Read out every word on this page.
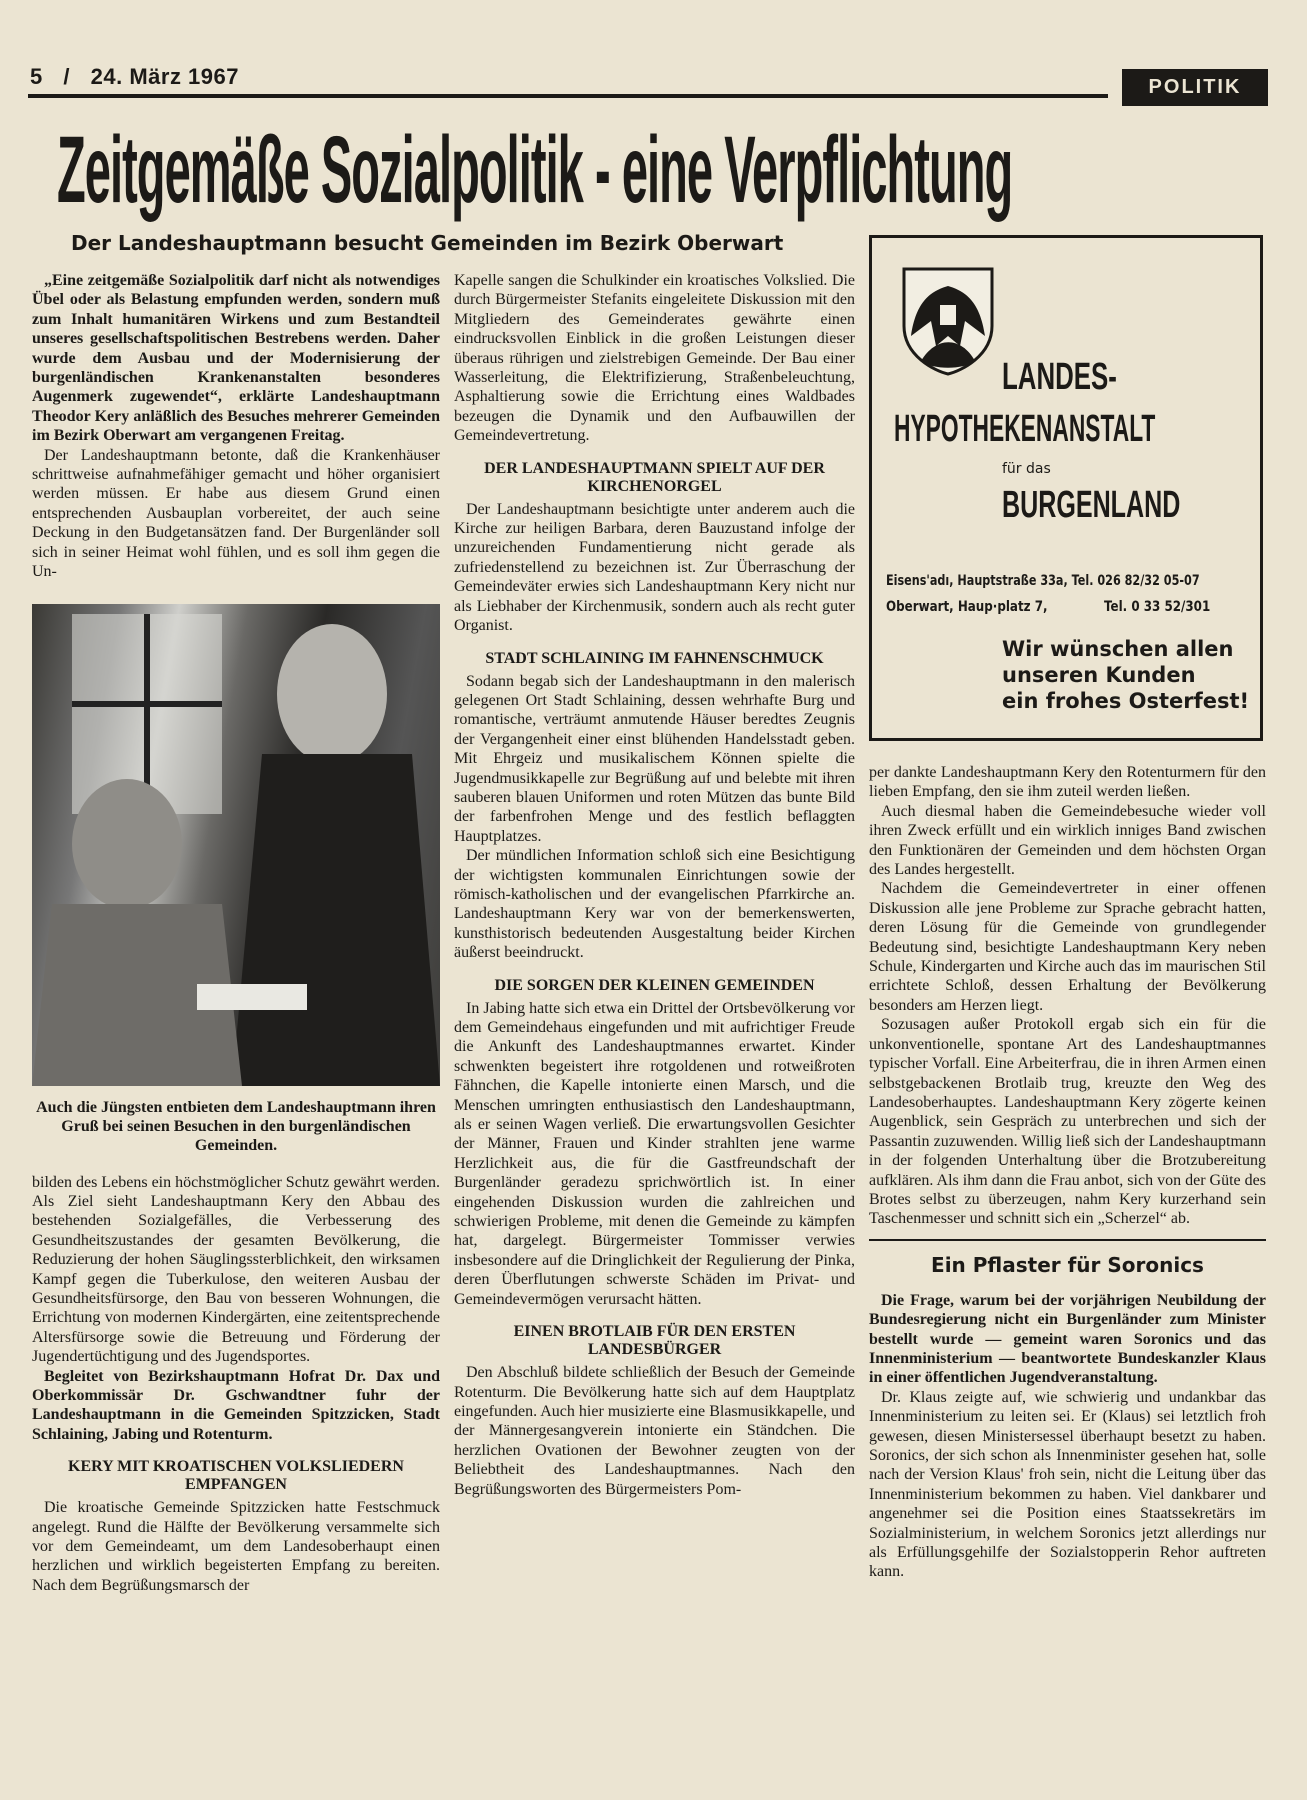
5 / 24. März 1967	POLITIK
Zeitgemäße Sozialpolitik - eine Verpflichtung
Der Landeshauptmann besucht Gemeinden im Bezirk Oberwart

„Eine zeitgemäße Sozialpolitik darf nicht als notwendiges Übel oder als Belastung empfunden werden, sondern muß zum Inhalt humanitären Wirkens und zum Bestandteil unseres gesellschaftspolitischen Bestrebens werden. Daher wurde dem Ausbau und der Modernisierung der burgenländischen Krankenanstalten besonderes Augenmerk zugewendet“, erklärte Landeshauptmann Theodor Kery anläßlich des Besuches mehrerer Gemeinden im Bezirk Oberwart am vergangenen Freitag.

Der Landeshauptmann betonte, daß die Krankenhäuser schrittweise aufnahmefähiger gemacht und höher organisiert werden müssen. Er habe aus diesem Grund einen entsprechenden Ausbauplan vorbereitet, der auch seine Deckung in den Budgetansätzen fand. Der Burgenländer soll sich in seiner Heimat wohl fühlen, und es soll ihm gegen die Un-

Auch die Jüngsten entbieten dem Landeshauptmann ihren Gruß bei seinen Besuchen in den burgenländischen Gemeinden.

bilden des Lebens ein höchstmöglicher Schutz gewährt werden. Als Ziel sieht Landeshauptmann Kery den Abbau des bestehenden Sozialgefälles, die Verbesserung des Gesundheitszustandes der gesamten Bevölkerung, die Reduzierung der hohen Säuglingssterblichkeit, den wirksamen Kampf gegen die Tuberkulose, den weiteren Ausbau der Gesundheitsfürsorge, den Bau von besseren Wohnungen, die Errichtung von modernen Kindergärten, eine zeitentsprechende Altersfürsorge sowie die Betreuung und Förderung der Jugendertüchtigung und des Jugendsportes.

Begleitet von Bezirkshauptmann Hofrat Dr. Dax und Oberkommissär Dr. Gschwandtner fuhr der Landeshauptmann in die Gemeinden Spitzzicken, Stadt Schlaining, Jabing und Rotenturm.

KERY MIT KROATISCHEN VOLKSLIEDERN EMPFANGEN

Die kroatische Gemeinde Spitzzicken hatte Festschmuck angelegt. Rund die Hälfte der Bevölkerung versammelte sich vor dem Gemeindeamt, um dem Landesoberhaupt einen herzlichen und wirklich begeisterten Empfang zu bereiten. Nach dem Begrüßungsmarsch der

Kapelle sangen die Schulkinder ein kroatisches Volkslied. Die durch Bürgermeister Stefanits eingeleitete Diskussion mit den Mitgliedern des Gemeinderates gewährte einen eindrucksvollen Einblick in die großen Leistungen dieser überaus rührigen und zielstrebigen Gemeinde. Der Bau einer Wasserleitung, die Elektrifizierung, Straßenbeleuchtung, Asphaltierung sowie die Errichtung eines Waldbades bezeugen die Dynamik und den Aufbauwillen der Gemeindevertretung.

DER LANDESHAUPTMANN SPIELT AUF DER KIRCHENORGEL

Der Landeshauptmann besichtigte unter anderem auch die Kirche zur heiligen Barbara, deren Bauzustand infolge der unzureichenden Fundamentierung nicht gerade als zufriedenstellend zu bezeichnen ist. Zur Überraschung der Gemeindeväter erwies sich Landeshauptmann Kery nicht nur als Liebhaber der Kirchenmusik, sondern auch als recht guter Organist.

STADT SCHLAINING IM FAHNENSCHMUCK

Sodann begab sich der Landeshauptmann in den malerisch gelegenen Ort Stadt Schlaining, dessen wehrhafte Burg und romantische, verträumt anmutende Häuser beredtes Zeugnis der Vergangenheit einer einst blühenden Handelsstadt geben. Mit Ehrgeiz und musikalischem Können spielte die Jugendmusikkapelle zur Begrüßung auf und belebte mit ihren sauberen blauen Uniformen und roten Mützen das bunte Bild der farbenfrohen Menge und des festlich beflaggten Hauptplatzes.

Der mündlichen Information schloß sich eine Besichtigung der wichtigsten kommunalen Einrichtungen sowie der römisch-katholischen und der evangelischen Pfarrkirche an. Landeshauptmann Kery war von der bemerkenswerten, kunsthistorisch bedeutenden Ausgestaltung beider Kirchen äußerst beeindruckt.

DIE SORGEN DER KLEINEN GEMEINDEN

In Jabing hatte sich etwa ein Drittel der Ortsbevölkerung vor dem Gemeindehaus eingefunden und mit aufrichtiger Freude die Ankunft des Landeshauptmannes erwartet. Kinder schwenkten begeistert ihre rotgoldenen und rotweißroten Fähnchen, die Kapelle intonierte einen Marsch, und die Menschen umringten enthusiastisch den Landeshauptmann, als er seinen Wagen verließ. Die erwartungsvollen Gesichter der Männer, Frauen und Kinder strahlten jene warme Herzlichkeit aus, die für die Gastfreundschaft der Burgenländer geradezu sprichwörtlich ist. In einer eingehenden Diskussion wurden die zahlreichen und schwierigen Probleme, mit denen die Gemeinde zu kämpfen hat, dargelegt. Bürgermeister Tommisser verwies insbesondere auf die Dringlichkeit der Regulierung der Pinka, deren Überflutungen schwerste Schäden im Privat- und Gemeindevermögen verursacht hätten.

EINEN BROTLAIB FÜR DEN ERSTEN LANDESBÜRGER

Den Abschluß bildete schließlich der Besuch der Gemeinde Rotenturm. Die Bevölkerung hatte sich auf dem Hauptplatz eingefunden. Auch hier musizierte eine Blasmusikkapelle, und der Männergesangverein intonierte ein Ständchen. Die herzlichen Ovationen der Bewohner zeugten von der Beliebtheit des Landeshauptmannes. Nach den Begrüßungsworten des Bürgermeisters Pom-

LANDES-
HYPOTHEKENANSTALT
für das
BURGENLAND
Eisens'adı, Hauptstraße 33a, Tel. 026 82/32 05-07
Oberwart, Haup·platz 7,	Tel. 0 33 52/301
Wir wünschen allen
unseren Kunden
ein frohes Osterfest!

per dankte Landeshauptmann Kery den Rotenturmern für den lieben Empfang, den sie ihm zuteil werden ließen.

Auch diesmal haben die Gemeindebesuche wieder voll ihren Zweck erfüllt und ein wirklich inniges Band zwischen den Funktionären der Gemeinden und dem höchsten Organ des Landes hergestellt.

Nachdem die Gemeindevertreter in einer offenen Diskussion alle jene Probleme zur Sprache gebracht hatten, deren Lösung für die Gemeinde von grundlegender Bedeutung sind, besichtigte Landeshauptmann Kery neben Schule, Kindergarten und Kirche auch das im maurischen Stil errichtete Schloß, dessen Erhaltung der Bevölkerung besonders am Herzen liegt.

Sozusagen außer Protokoll ergab sich ein für die unkonventionelle, spontane Art des Landeshauptmannes typischer Vorfall. Eine Arbeiterfrau, die in ihren Armen einen selbstgebackenen Brotlaib trug, kreuzte den Weg des Landesoberhauptes. Landeshauptmann Kery zögerte keinen Augenblick, sein Gespräch zu unterbrechen und sich der Passantin zuzuwenden. Willig ließ sich der Landeshauptmann in der folgenden Unterhaltung über die Brotzubereitung aufklären. Als ihm dann die Frau anbot, sich von der Güte des Brotes selbst zu überzeugen, nahm Kery kurzerhand sein Taschenmesser und schnitt sich ein „Scherzel“ ab.

Ein Pflaster für Soronics

Die Frage, warum bei der vorjährigen Neubildung der Bundesregierung nicht ein Burgenländer zum Minister bestellt wurde — gemeint waren Soronics und das Innenministerium — beantwortete Bundeskanzler Klaus in einer öffentlichen Jugendveranstaltung.

Dr. Klaus zeigte auf, wie schwierig und undankbar das Innenministerium zu leiten sei. Er (Klaus) sei letztlich froh gewesen, diesen Ministersessel überhaupt besetzt zu haben. Soronics, der sich schon als Innenminister gesehen hat, solle nach der Version Klaus' froh sein, nicht die Leitung über das Innenministerium bekommen zu haben. Viel dankbarer und angenehmer sei die Position eines Staatssekretärs im Sozialministerium, in welchem Soronics jetzt allerdings nur als Erfüllungsgehilfe der Sozialstopperin Rehor auftreten kann.
